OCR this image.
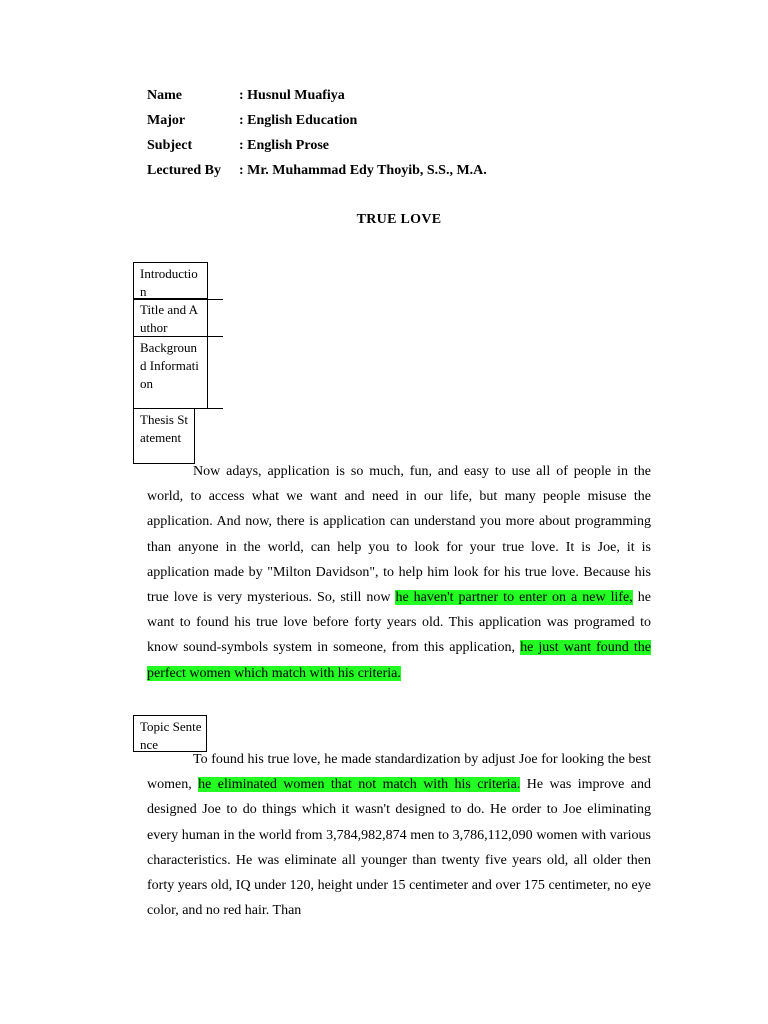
Name	: Husnul Muafiya
Major	: English Education
Subject	: English Prose
Lectured By : Mr. Muhammad Edy Thoyib, S.S., M.A.
TRUE LOVE
Introduction
Title and Author
Background Information
Thesis Statement

Now adays, application is so much, fun, and easy to use all of people in the world, to access what we want and need in our life, but many people misuse the application. And now, there is application can understand you more about programming than anyone in the world, can help you to look for your true love. It is Joe, it is application made by "Milton Davidson", to help him look for his true love. Because his true love is very mysterious. So, still now he haven't partner to enter on a new life, he want to found his true love before forty years old. This application was programed to know sound-symbols system in someone, from this application, he just want found the perfect women which match with his criteria.

Topic Sentence

To found his true love, he made standardization by adjust Joe for looking the best women, he eliminated women that not match with his criteria. He was improve and designed Joe to do things which it wasn't designed to do. He order to Joe eliminating every human in the world from 3,784,982,874 men to 3,786,112,090 women with various characteristics. He was eliminate all younger than twenty five years old, all older then forty years old, IQ under 120, height under 15 centimeter and over 175 centimeter, no eye color, and no red hair. Than
